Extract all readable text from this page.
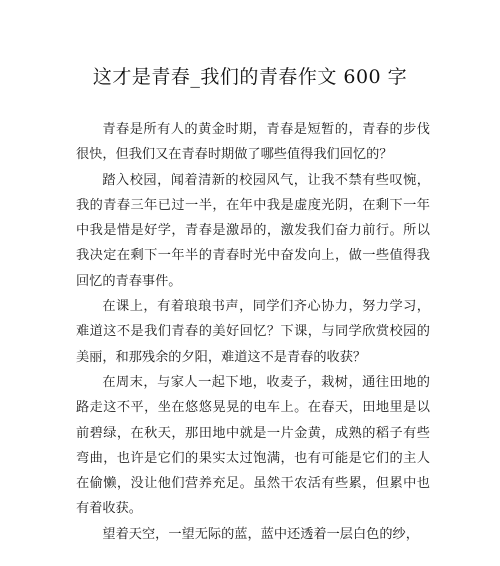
这才是青春_我们的青春作文 600 字

青春是所有人的黄金时期，青春是短暂的，青春的步伐很快，但我们又在青春时期做了哪些值得我们回忆的？

踏入校园，闻着清新的校园风气，让我不禁有些叹惋，我的青春三年已过一半，在年中我是虚度光阴，在剩下一年中我是惜是好学，青春是激昂的，激发我们奋力前行。所以我决定在剩下一年半的青春时光中奋发向上，做一些值得我回忆的青春事件。

在课上，有着琅琅书声，同学们齐心协力，努力学习，难道这不是我们青春的美好回忆？下课，与同学欣赏校园的美丽，和那残余的夕阳，难道这不是青春的收获？

在周末，与家人一起下地，收麦子，栽树，通往田地的路走这不平，坐在悠悠晃晃的电车上。在春天，田地里是以前碧绿，在秋天，那田地中就是一片金黄，成熟的稻子有些弯曲，也许是它们的果实太过饱满，也有可能是它们的主人在偷懒，没让他们营养充足。虽然干农活有些累，但累中也有着收获。

望着天空，一望无际的蓝，蓝中还透着一层白色的纱，
